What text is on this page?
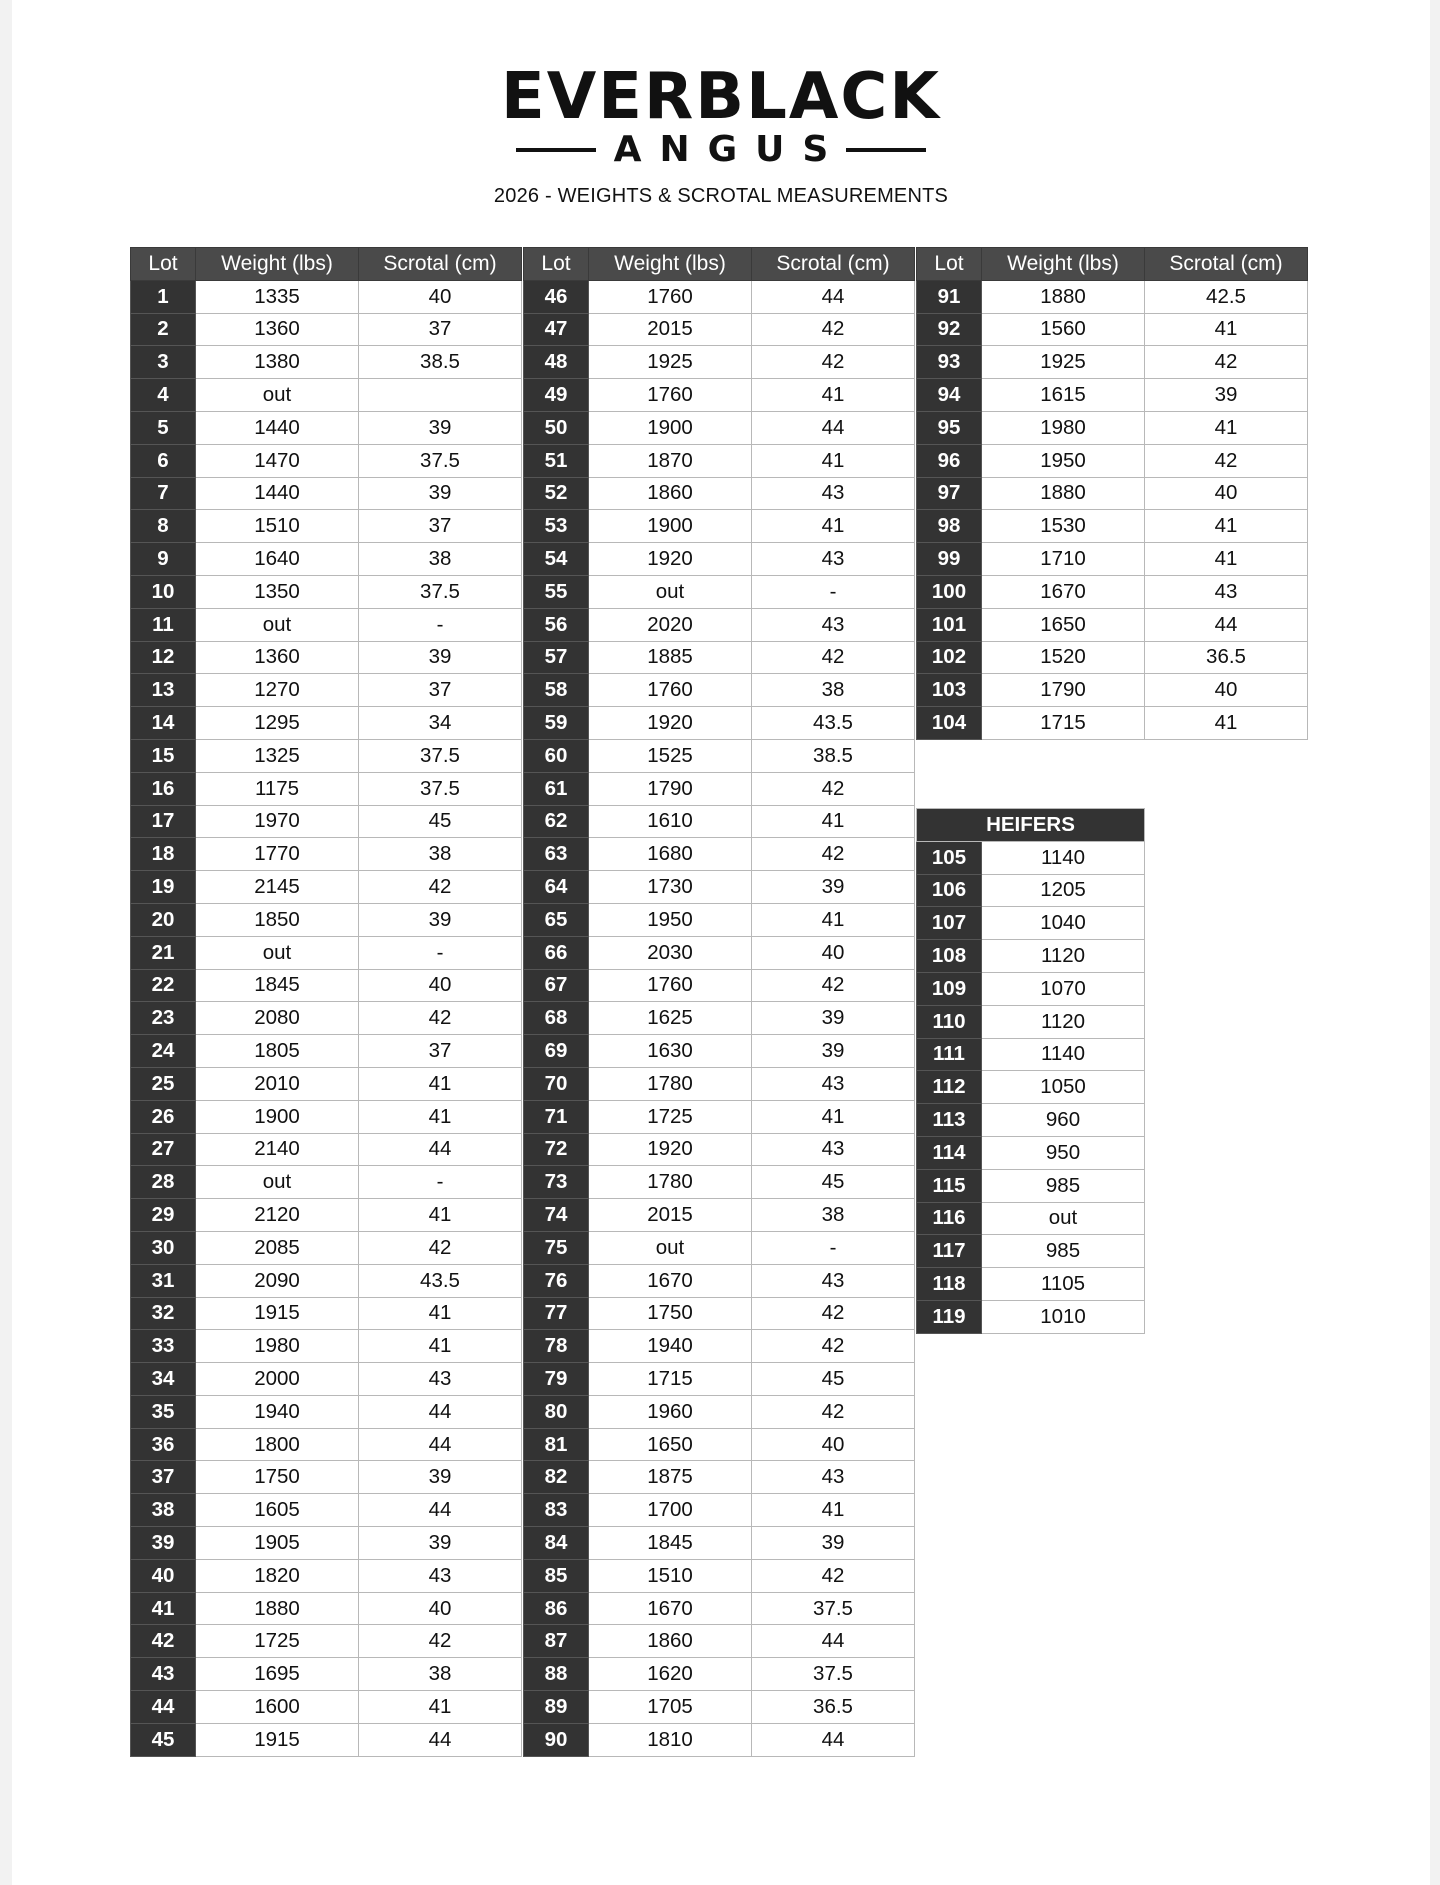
EVERBLACK
ANGUS
2026 - WEIGHTS & SCROTAL MEASUREMENTS
Lot	Weight (lbs)	Scrotal (cm)
1	1335	40
2	1360	37
3	1380	38.5
4	out	
5	1440	39
6	1470	37.5
7	1440	39
8	1510	37
9	1640	38
10	1350	37.5
11	out	-
12	1360	39
13	1270	37
14	1295	34
15	1325	37.5
16	1175	37.5
17	1970	45
18	1770	38
19	2145	42
20	1850	39
21	out	-
22	1845	40
23	2080	42
24	1805	37
25	2010	41
26	1900	41
27	2140	44
28	out	-
29	2120	41
30	2085	42
31	2090	43.5
32	1915	41
33	1980	41
34	2000	43
35	1940	44
36	1800	44
37	1750	39
38	1605	44
39	1905	39
40	1820	43
41	1880	40
42	1725	42
43	1695	38
44	1600	41
45	1915	44
Lot	Weight (lbs)	Scrotal (cm)
46	1760	44
47	2015	42
48	1925	42
49	1760	41
50	1900	44
51	1870	41
52	1860	43
53	1900	41
54	1920	43
55	out	-
56	2020	43
57	1885	42
58	1760	38
59	1920	43.5
60	1525	38.5
61	1790	42
62	1610	41
63	1680	42
64	1730	39
65	1950	41
66	2030	40
67	1760	42
68	1625	39
69	1630	39
70	1780	43
71	1725	41
72	1920	43
73	1780	45
74	2015	38
75	out	-
76	1670	43
77	1750	42
78	1940	42
79	1715	45
80	1960	42
81	1650	40
82	1875	43
83	1700	41
84	1845	39
85	1510	42
86	1670	37.5
87	1860	44
88	1620	37.5
89	1705	36.5
90	1810	44
Lot	Weight (lbs)	Scrotal (cm)
91	1880	42.5
92	1560	41
93	1925	42
94	1615	39
95	1980	41
96	1950	42
97	1880	40
98	1530	41
99	1710	41
100	1670	43
101	1650	44
102	1520	36.5
103	1790	40
104	1715	41
HEIFERS	
105	1140
106	1205
107	1040
108	1120
109	1070
110	1120
111	1140
112	1050
113	960
114	950
115	985
116	out
117	985
118	1105
119	1010
